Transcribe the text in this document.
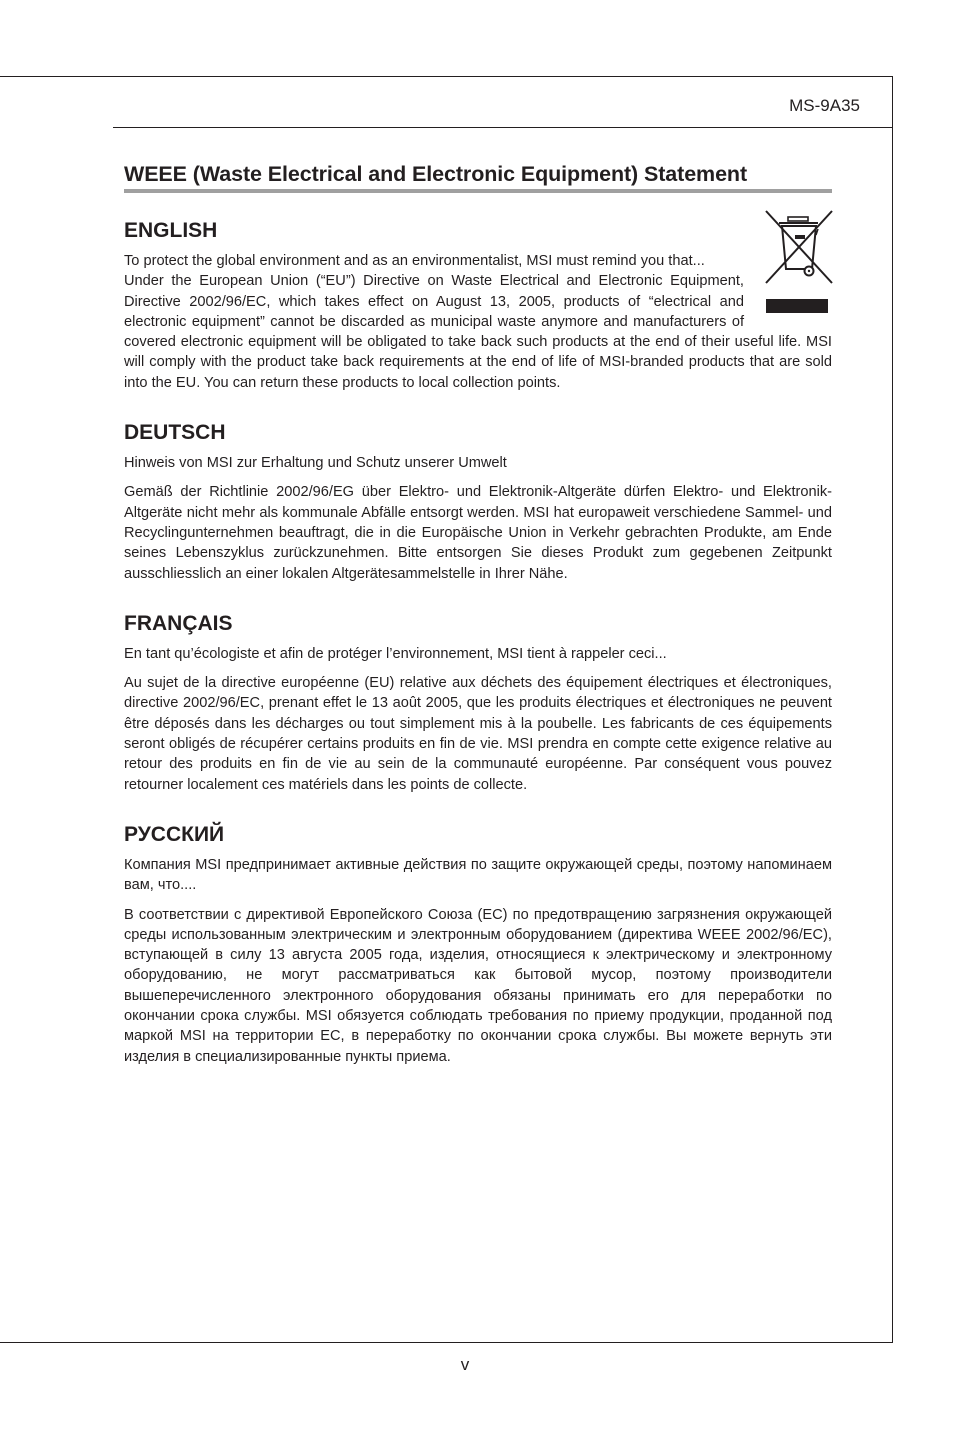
MS-9A35
WEEE (Waste Electrical and Electronic Equipment) Statement
ENGLISH

To protect the global environment and as an environmentalist, MSI must remind you that...

Under the European Union (“EU”) Directive on Waste Electrical and Electronic Equipment, Directive 2002/96/EC, which takes effect on August 13, 2005, products of “electrical and electronic equipment” cannot be discarded as municipal waste anymore and manufacturers of covered electronic equipment will be obligated to take back such products at the end of their useful life. MSI will comply with the product take back requirements at the end of life of MSI-branded products that are sold into the EU. You can return these products to local collection points.

DEUTSCH

Hinweis von MSI zur Erhaltung und Schutz unserer Umwelt

Gemäß der Richtlinie 2002/96/EG über Elektro- und Elektronik-Altgeräte dürfen Elektro- und Elektronik-Altgeräte nicht mehr als kommunale Abfälle entsorgt werden. MSI hat europaweit verschiedene Sammel- und Recyclingunternehmen beauftragt, die in die Europäische Union in Verkehr gebrachten Produkte, am Ende seines Lebenszyklus zurückzunehmen. Bitte entsorgen Sie dieses Produkt zum gegebenen Zeitpunkt ausschliesslich an einer lokalen Altgerätesammelstelle in Ihrer Nähe.

FRANÇAIS

En tant qu’écologiste et afin de protéger l’environnement, MSI tient à rappeler ceci...

Au sujet de la directive européenne (EU) relative aux déchets des équipement électriques et électroniques, directive 2002/96/EC, prenant effet le 13 août 2005, que les produits électriques et électroniques ne peuvent être déposés dans les décharges ou tout simplement mis à la poubelle. Les fabricants de ces équipements seront obligés de récupérer certains produits en fin de vie. MSI prendra en compte cette exigence relative au retour des produits en fin de vie au sein de la communauté européenne. Par conséquent vous pouvez retourner localement ces matériels dans les points de collecte.

РУССКИЙ

Компания MSI предпринимает активные действия по защите окружающей среды, поэтому напоминаем вам, что....

В соответствии с директивой Европейского Союза (ЕС) по предотвращению загрязнения окружающей среды использованным электрическим и электронным оборудованием (директива WEEE 2002/96/EC), вступающей в силу 13 августа 2005 года, изделия, относящиеся к электрическому и электронному оборудованию, не могут рассматриваться как бытовой мусор, поэтому производители вышеперечисленного электронного оборудования обязаны принимать его для переработки по окончании срока службы. MSI обязуется соблюдать требования по приему продукции, проданной под маркой MSI на территории ЕС, в переработку по окончании срока службы. Вы можете вернуть эти изделия в специализированные пункты приема.

v
